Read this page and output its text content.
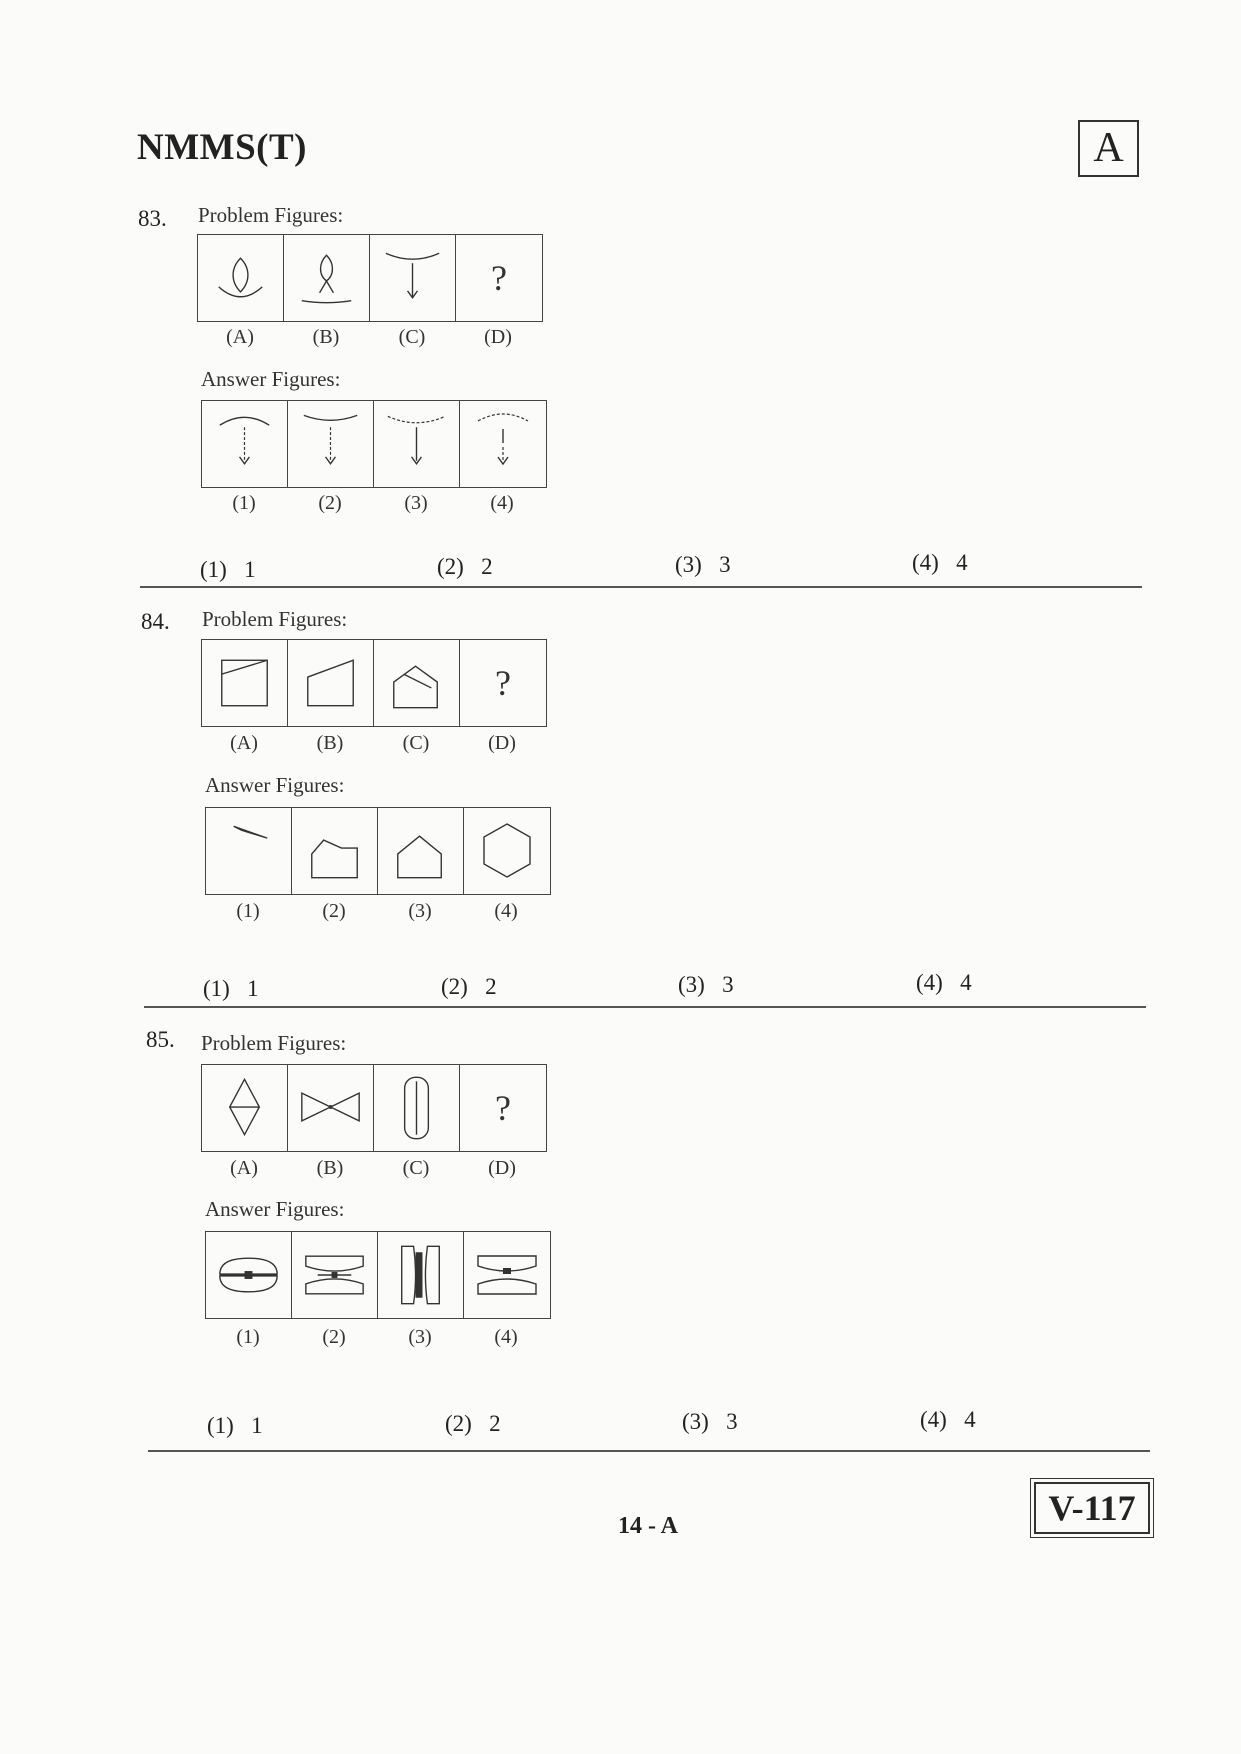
NMMS(T)	A
83. Problem Figures:
?
(A)	(B)	(C)	(D)
Answer Figures:
(1)	(2)	(3)	(4)
(1) 1	(2) 2	(3) 3	(4) 4
84. Problem Figures:
?
(A)	(B)	(C)	(D)
Answer Figures:
(1)	(2)	(3)	(4)
(1) 1	(2) 2	(3) 3	(4) 4
85. Problem Figures:
?
(A)	(B)	(C)	(D)
Answer Figures:
(1)	(2)	(3)	(4)
(1) 1	(2) 2	(3) 3	(4) 4
V-117
14 - A
